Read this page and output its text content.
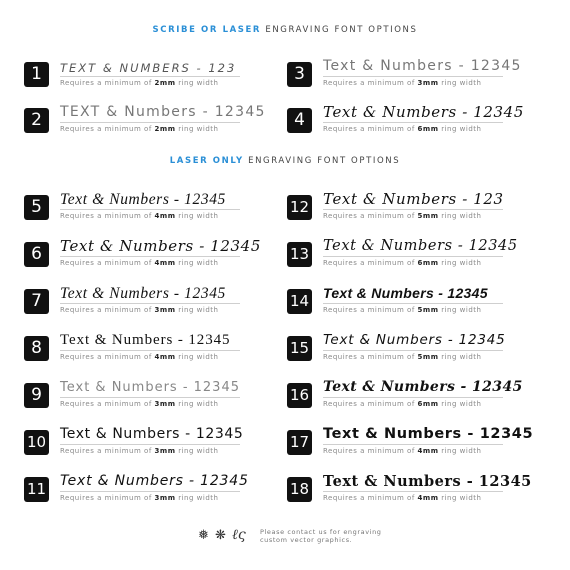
SCRIBE OR LASER ENGRAVING FONT OPTIONS
LASER ONLY ENGRAVING FONT OPTIONS
1	TEXT & NUMBERS - 123
Requires a minimum of 2mm ring width
2	TEXT & Numbers - 12345
Requires a minimum of 2mm ring width
3	Text & Numbers - 12345
Requires a minimum of 3mm ring width
4	Text & Numbers - 12345
Requires a minimum of 6mm ring width
5	Text & Numbers - 12345
Requires a minimum of 4mm ring width
6	Text & Numbers - 12345
Requires a minimum of 4mm ring width
7	Text & Numbers - 12345
Requires a minimum of 3mm ring width
8	Text & Numbers - 12345
Requires a minimum of 4mm ring width
9	Text & Numbers - 12345
Requires a minimum of 3mm ring width
10 Text & Numbers - 12345
Requires a minimum of 3mm ring width
11 Text & Numbers - 12345
Requires a minimum of 3mm ring width
12 Text & Numbers - 123
Requires a minimum of 5mm ring width
13 Text & Numbers - 12345
Requires a minimum of 6mm ring width
14 Text & Numbers - 12345
Requires a minimum of 5mm ring width
15 Text & Numbers - 12345
Requires a minimum of 5mm ring width
16 Text & Numbers - 12345
Requires a minimum of 6mm ring width
17 Text & Numbers - 12345
Requires a minimum of 4mm ring width
18 Text & Numbers - 12345
Requires a minimum of 4mm ring width
❅ ❋ ℓς Please contact us for engraving custom vector graphics.
